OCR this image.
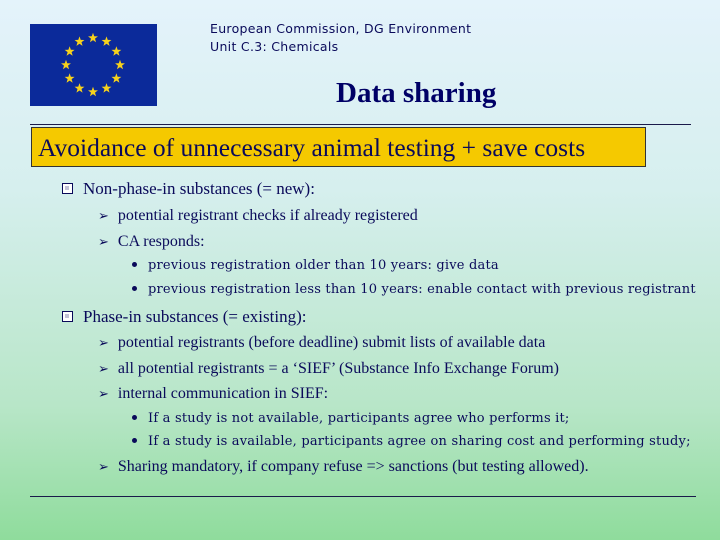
European Commission, DG Environment
Unit C.3: Chemicals
Data sharing
Avoidance of unnecessary animal testing + save costs
Non-phase-in substances (= new):
➢ potential registrant checks if already registered
➢ CA responds:
previous registration older than 10 years: give data
previous registration less than 10 years: enable contact with previous registrant
Phase-in substances (= existing):
➢ potential registrants (before deadline) submit lists of available data
➢ all potential registrants = a ‘SIEF’ (Substance Info Exchange Forum)
➢ internal communication in SIEF:
If a study is not available, participants agree who performs it;
If a study is available, participants agree on sharing cost and performing study;
➢ Sharing mandatory, if company refuse => sanctions (but testing allowed).
